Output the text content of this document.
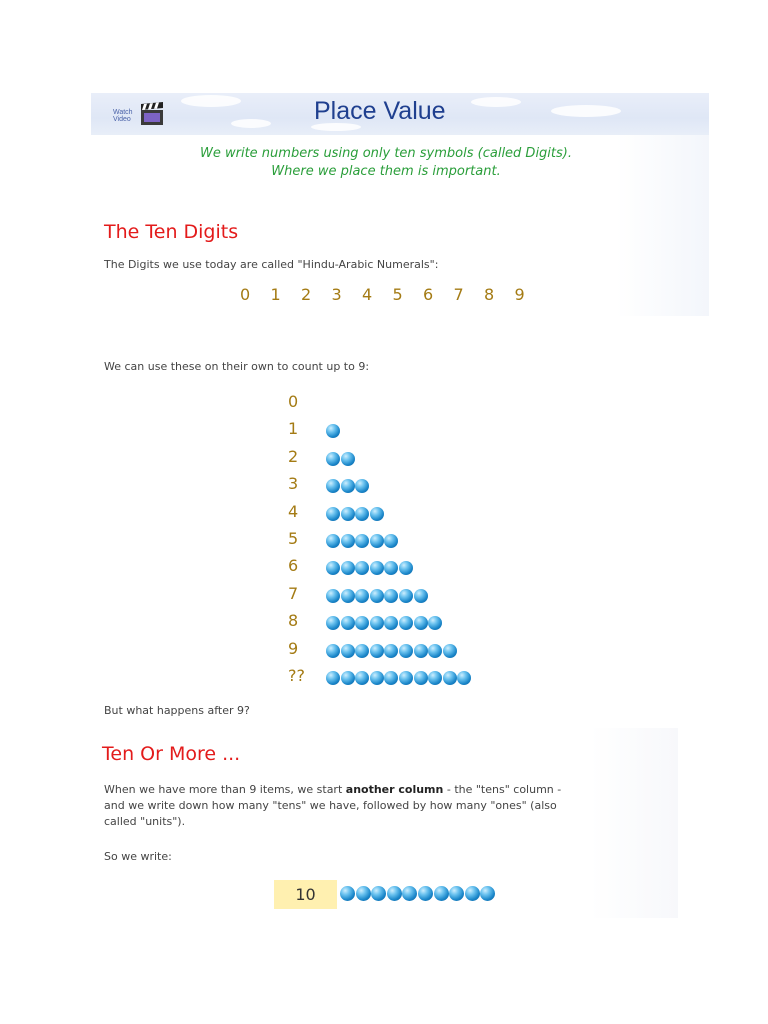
Watch
Video	Place Value
We write numbers using only ten symbols (called Digits).
Where we place them is important.
The Ten Digits
The Digits we use today are called "Hindu-Arabic Numerals":
0 1 2 3 4 5 6 7 8 9
We can use these on their own to count up to 9:
0
1
2
3
4
5
6
7
8
9
??
But what happens after 9?
Ten Or More ...
When we have more than 9 items, we start another column - the "tens" column - and we write down how many "tens" we have, followed by how many "ones" (also called "units").
So we write:
10
